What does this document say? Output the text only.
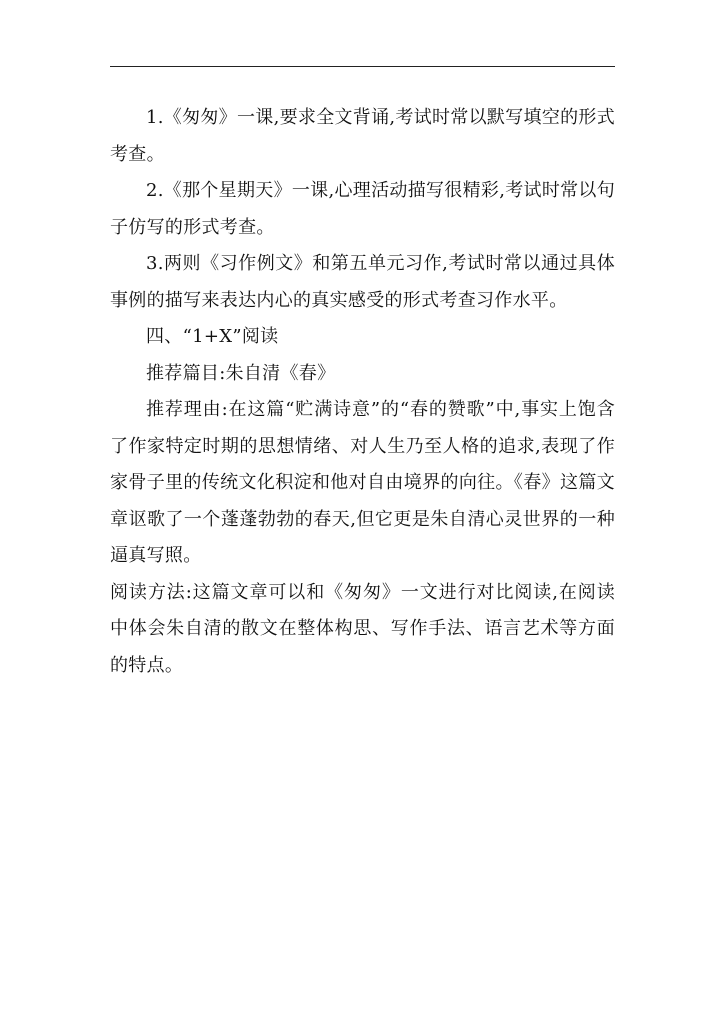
1.《匆匆》一课,要求全文背诵,考试时常以默写填空的形式考查。

2.《那个星期天》一课,心理活动描写很精彩,考试时常以句子仿写的形式考查。

3.两则《习作例文》和第五单元习作,考试时常以通过具体事例的描写来表达内心的真实感受的形式考查习作水平。

四、“1+X”阅读

推荐篇目:朱自清《春》

推荐理由:在这篇“贮满诗意”的“春的赞歌”中,事实上饱含了作家特定时期的思想情绪、对人生乃至人格的追求,表现了作家骨子里的传统文化积淀和他对自由境界的向往。《春》这篇文章讴歌了一个蓬蓬勃勃的春天,但它更是朱自清心灵世界的一种逼真写照。

阅读方法:这篇文章可以和《匆匆》一文进行对比阅读,在阅读中体会朱自清的散文在整体构思、写作手法、语言艺术等方面的特点。
